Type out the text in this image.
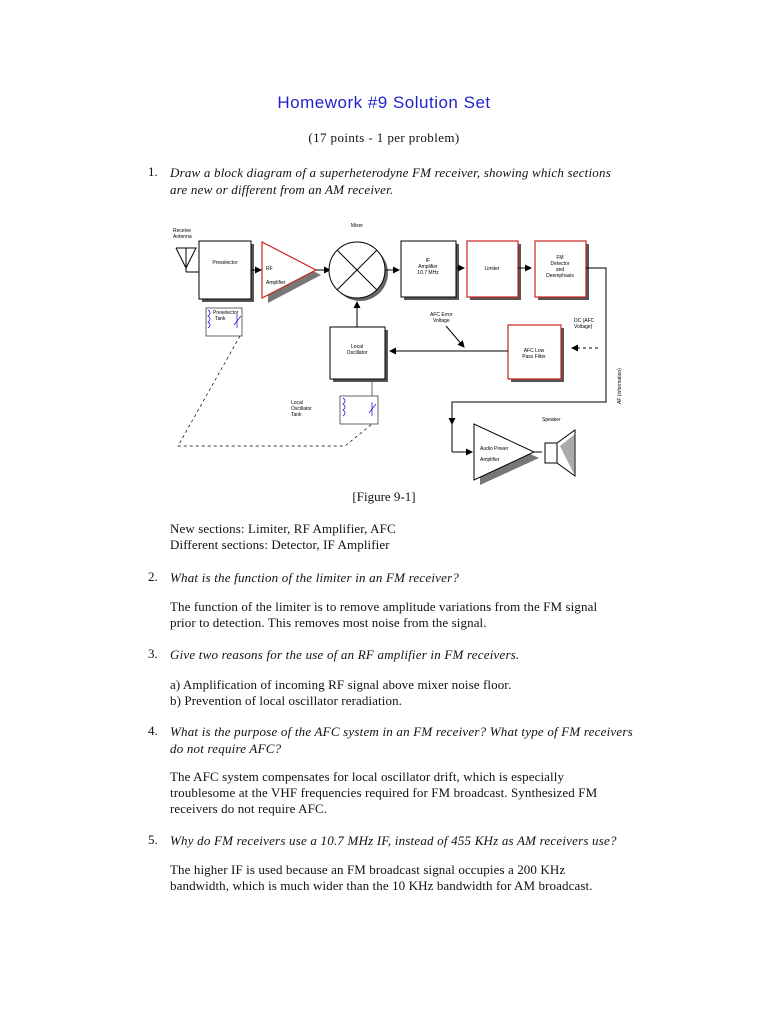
Homework #9 Solution Set
(17 points - 1 per problem)
1. Draw a block diagram of a superheterodyne FM receiver, showing which sections
are new or different from an AM receiver.
Receive
Antenna
Preselector
RF
Amplifier
Mixer
IF
Amplifier
10.7 MHz
Limiter
FM
Detector
and
Deemphasis
DC (AFC
Voltage)
AF (information)
Preselector
Tank
Local
Oscillator
AFC Error
Voltage
AFC Low
Pass Filter
Local
Oscillator
Tank
Audio Power
Amplifier
Speaker
[Figure 9-1]
New sections: Limiter, RF Amplifier, AFC
Different sections: Detector, IF Amplifier
2. What is the function of the limiter in an FM receiver?
The function of the limiter is to remove amplitude variations from the FM signal
prior to detection. This removes most noise from the signal.
3. Give two reasons for the use of an RF amplifier in FM receivers.
a) Amplification of incoming RF signal above mixer noise floor.
b) Prevention of local oscillator reradiation.
4. What is the purpose of the AFC system in an FM receiver? What type of FM receivers
do not require AFC?
The AFC system compensates for local oscillator drift, which is especially
troublesome at the VHF frequencies required for FM broadcast. Synthesized FM
receivers do not require AFC.
5. Why do FM receivers use a 10.7 MHz IF, instead of 455 KHz as AM receivers use?
The higher IF is used because an FM broadcast signal occupies a 200 KHz
bandwidth, which is much wider than the 10 KHz bandwidth for AM broadcast.
